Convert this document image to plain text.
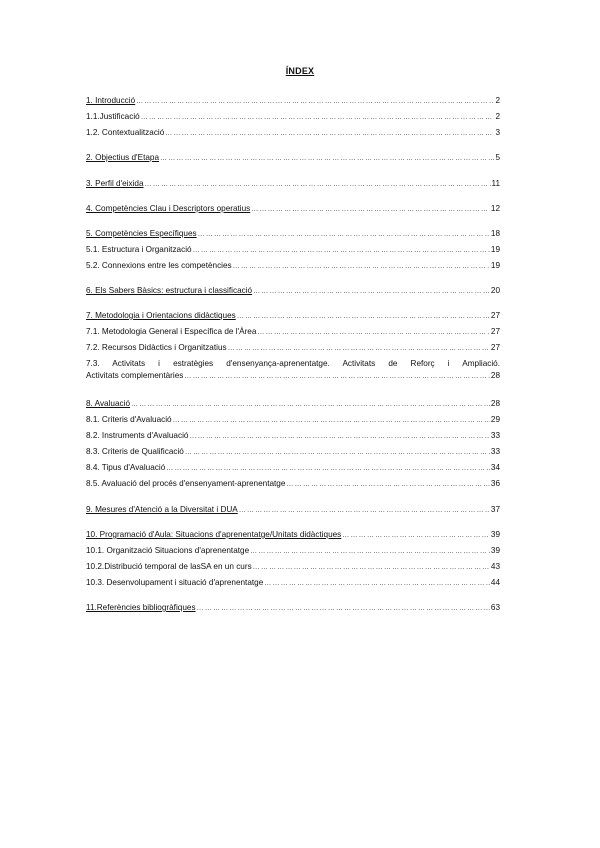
ÍNDEX
1. Introducció …………………………………………………………………………………………………………………………………………………………………………………………	2
1.1.Justificació …………………………………………………………………………………………………………………………………………………………………………………………	2
1.2. Contextualització …………………………………………………………………………………………………………………………………………………………………………………………	3
2. Objectius d'Etapa …………………………………………………………………………………………………………………………………………………………………………………………	5
3. Perfil d'eixida …………………………………………………………………………………………………………………………………………………………………………………………	11
4. Competències Clau i Descriptors operatius …………………………………………………………………………………………………………………………………………………………………………………………	12
5. Competències Específiques …………………………………………………………………………………………………………………………………………………………………………………………	18
5.1. Estructura i Organització …………………………………………………………………………………………………………………………………………………………………………………………	19
5.2. Connexions entre les competències …………………………………………………………………………………………………………………………………………………………………………………………	19
6. Els Sabers Bàsics: estructura i classificació …………………………………………………………………………………………………………………………………………………………………………………………	20
7. Metodologia i Orientacions didàctiques …………………………………………………………………………………………………………………………………………………………………………………………	27
7.1. Metodologia General i Específica de l'Àrea …………………………………………………………………………………………………………………………………………………………………………………………	27
7.2. Recursos Didàctics i Organitzatius …………………………………………………………………………………………………………………………………………………………………………………………	27
7.3. Activitats i estratègies d'ensenyança-aprenentatge. Activitats de Reforç i Ampliació.
Activitats complementàries …………………………………………………………………………………………………………………………………………………………………………………………	28
8. Avaluació …………………………………………………………………………………………………………………………………………………………………………………………	28
8.1. Criteris d'Avaluació …………………………………………………………………………………………………………………………………………………………………………………………	29
8.2. Instruments d'Avaluació …………………………………………………………………………………………………………………………………………………………………………………………	33
8.3. Criteris de Qualificació …………………………………………………………………………………………………………………………………………………………………………………………	33
8.4. Tipus d'Avaluació …………………………………………………………………………………………………………………………………………………………………………………………	34
8.5. Avaluació del procés d'ensenyament-aprenentatge …………………………………………………………………………………………………………………………………………………………………………………………	36
9. Mesures d'Atenció a la Diversitat i DUA …………………………………………………………………………………………………………………………………………………………………………………………	37
10. Programació d'Aula: Situacions d'aprenentatge/Unitats didàctiques …………………………………………………………………………………………………………………………………………………………………………………………	39
10.1. Organització Situacions d'aprenentatge …………………………………………………………………………………………………………………………………………………………………………………………	39
10.2.Distribució temporal de lasSA en un curs …………………………………………………………………………………………………………………………………………………………………………………………	43
10.3. Desenvolupament i situació d'aprenentatge …………………………………………………………………………………………………………………………………………………………………………………………	44
11.Referències bibliogràfiques …………………………………………………………………………………………………………………………………………………………………………………………	63
